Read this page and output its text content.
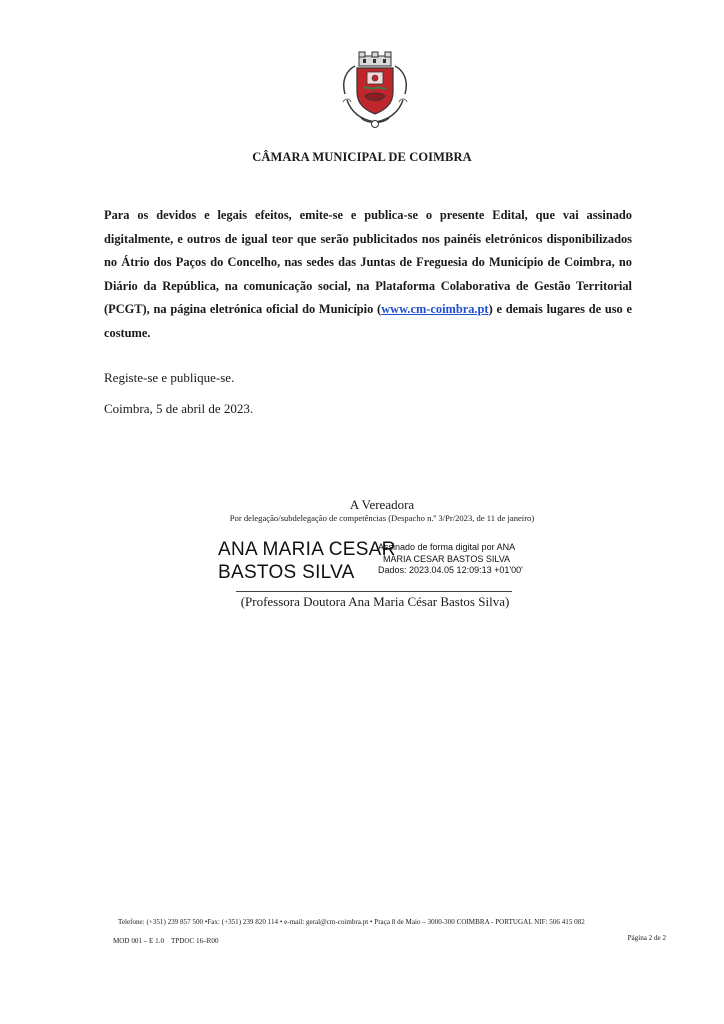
CÂMARA MUNICIPAL DE COIMBRA
Para os devidos e legais efeitos, emite-se e publica-se o presente Edital, que vai assinado digitalmente, e outros de igual teor que serão publicitados nos painéis eletrónicos disponibilizados no Átrio dos Paços do Concelho, nas sedes das Juntas de Freguesia do Município de Coimbra, no Diário da República, na comunicação social, na Plataforma Colaborativa de Gestão Territorial (PCGT), na página eletrónica oficial do Município (www.cm-coimbra.pt) e demais lugares de uso e costume.
Registe-se e publique-se.
Coimbra, 5 de abril de 2023.
A Vereadora
Por delegação/subdelegação de competências (Despacho n.º 3/Pr/2023, de 11 de janeiro)
ANA MARIA CESAR
BASTOS SILVA
Assinado de forma digital por ANA
MARIA CESAR BASTOS SILVA
Dados: 2023.04.05 12:09:13 +01'00'
(Professora Doutora Ana Maria César Bastos Silva)
Telefone: (+351) 239 857 500 •Fax: (+351) 239 820 114 • e-mail: geral@cm-coimbra.pt • Praça 8 de Maio – 3000-300 COIMBRA - PORTUGAL NIF: 506 415 082
MOD 001 – E 1.0    TPDOC 16–R00	Página 2 de 2
